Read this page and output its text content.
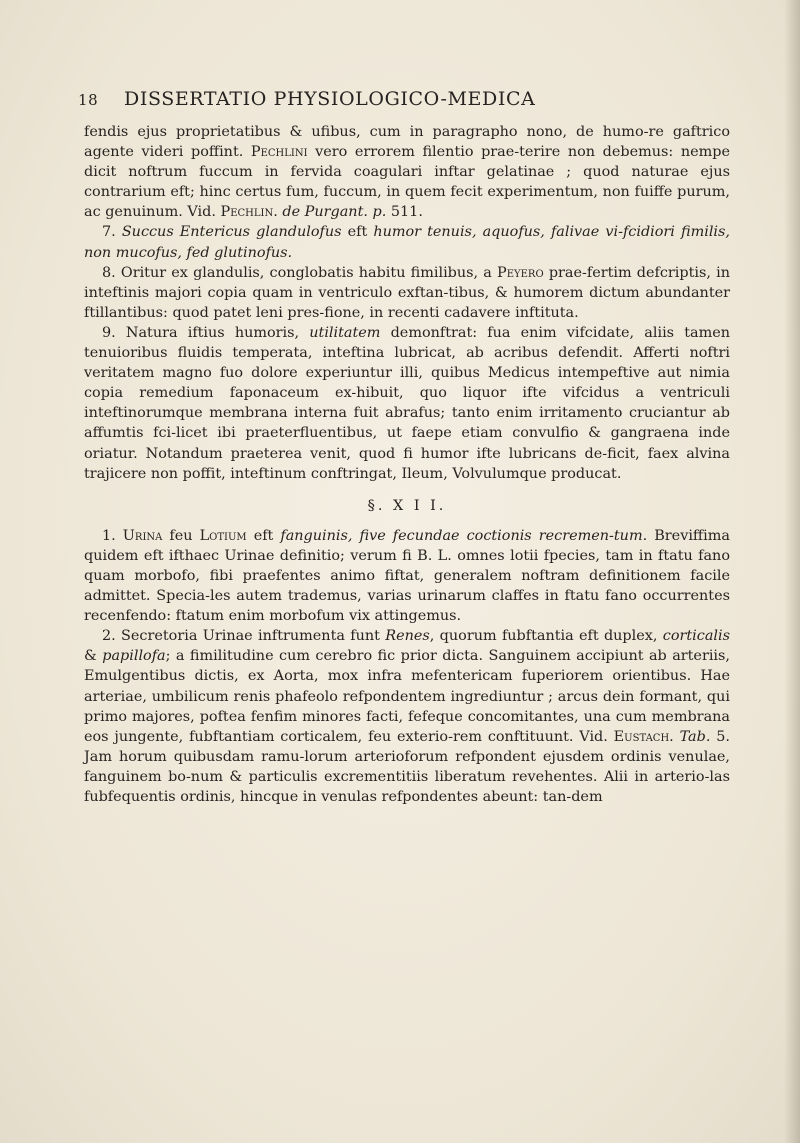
18	DISSERTATIO PHYSIOLOGICO-MEDICA

fendis ejus proprietatibus & ufibus, cum in paragrapho nono, de humo-re gaftrico agente videri poffint. Pechlini vero errorem filentio prae-terire non debemus: nempe dicit noftrum fuccum in fervida coagulari inftar gelatinae ; quod naturae ejus contrarium eft; hinc certus fum, fuccum, in quem fecit experimentum, non fuiffe purum, ac genuinum. Vid. Pechlin. de Purgant. p. 511.

7. Succus Entericus glandulofus eft humor tenuis, aquofus, falivae vi-fcidiori fimilis, non mucofus, fed glutinofus.

8. Oritur ex glandulis, conglobatis habitu fimilibus, a Peyero prae-fertim defcriptis, in inteftinis majori copia quam in ventriculo exftan-tibus, & humorem dictum abundanter ftillantibus: quod patet leni pres-fione, in recenti cadavere inftituta.

9. Natura iftius humoris, utilitatem demonftrat: fua enim vifcidate, aliis tamen tenuioribus fluidis temperata, inteftina lubricat, ab acribus defendit. Afferti noftri veritatem magno fuo dolore experiuntur illi, quibus Medicus intempeftive aut nimia copia remedium faponaceum ex-hibuit, quo liquor ifte vifcidus a ventriculi inteftinorumque membrana interna fuit abrafus; tanto enim irritamento cruciantur ab affumtis fci-licet ibi praeterfluentibus, ut faepe etiam convulfio & gangraena inde oriatur. Notandum praeterea venit, quod fi humor ifte lubricans de-ficit, faex alvina trajicere non poffit, inteftinum conftringat, Ileum, Volvulumque producat.

§. X I I.

1. Urina feu Lotium eft fanguinis, five fecundae coctionis recremen-tum. Breviffima quidem eft ifthaec Urinae definitio; verum fi B. L. omnes lotii fpecies, tam in ftatu fano quam morbofo, fibi praefentes animo fiftat, generalem noftram definitionem facile admittet. Specia-les autem trademus, varias urinarum claffes in ftatu fano occurrentes recenfendo: ftatum enim morbofum vix attingemus.

2. Secretoria Urinae inftrumenta funt Renes, quorum fubftantia eft duplex, corticalis & papillofa; a fimilitudine cum cerebro fic prior dicta. Sanguinem accipiunt ab arteriis, Emulgentibus dictis, ex Aorta, mox infra mefentericam fuperiorem orientibus. Hae arteriae, umbilicum renis phafeolo refpondentem ingrediuntur ; arcus dein formant, qui primo majores, poftea fenfim minores facti, fefeque concomitantes, una cum membrana eos jungente, fubftantiam corticalem, feu exterio-rem conftituunt. Vid. Eustach. Tab. 5. Jam horum quibusdam ramu-lorum arterioforum refpondent ejusdem ordinis venulae, fanguinem bo-num & particulis excrementitiis liberatum revehentes. Alii in arterio-las fubfequentis ordinis, hincque in venulas refpondentes abeunt: tan-dem
